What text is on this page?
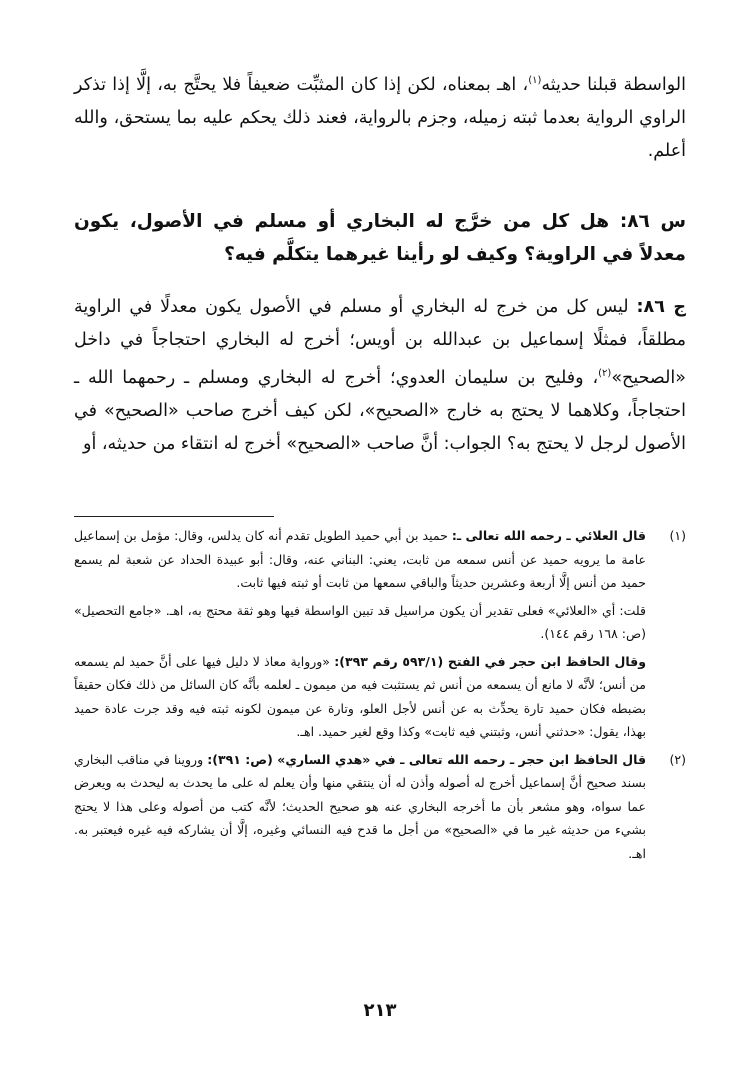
الواسطة قبلنا حديثه$^{(١)}$، اهـ بمعناه، لكن إذا كان المثبِّت ضعيفاً فلا يحتَّج به، إلَّا إذا تذكر الراوي الرواية بعدما ثبته زميله، وجزم بالرواية، فعند ذلك يحكم عليه بما يستحق، والله أعلم.

س ٨٦: هل كل من خرَّج له البخاري أو مسلم في الأصول، يكون معدلاً في الراوية؟ وكيف لو رأينا غيرهما يتكلَّم فيه؟

ج ٨٦: ليس كل من خرج له البخاري أو مسلم في الأصول يكون معدلًا في الراوية مطلقاً، فمثلًا إسماعيل بن عبدالله بن أويس؛ أخرج له البخاري احتجاجاً في داخل «الصحيح»$^{(٢)}$، وفليح بن سليمان العدوي؛ أخرج له البخاري ومسلم ـ رحمهما الله ـ احتجاجاً، وكلاهما لا يحتج به خارج «الصحيح»، لكن كيف أخرج صاحب «الصحيح» في الأصول لرجل لا يحتج به؟ الجواب: أنَّ صاحب «الصحيح» أخرج له انتقاء من حديثه، أو

(١)

قال العلائي ـ رحمه الله تعالى ـ: حميد بن أبي حميد الطويل تقدم أنه كان يدلس، وقال: مؤمل بن إسماعيل عامة ما يرويه حميد عن أنس سمعه من ثابت، يعني: البناني عنه، وقال: أبو عبيدة الحداد عن شعبة لم يسمع حميد من أنس إلَّا أربعة وعشرين حديثاً والباقي سمعها من ثابت أو ثبته فيها ثابت.

قلت: أي «العلائي» فعلى تقدير أن يكون مراسيل قد تبين الواسطة فيها وهو ثقة محتج به، اهـ. «جامع التحصيل» (ص: ١٦٨ رقم ١٤٤).

وقال الحافظ ابن حجر في الفتح (٥٩٣/١ رقم ٣٩٣): «ورواية معاذ لا دليل فيها على أنَّ حميد لم يسمعه من أنس؛ لأنَّه لا مانع أن يسمعه من أنس ثم يستثبت فيه من ميمون ـ لعلمه بأنَّه كان السائل من ذلك فكان حقيقاً بضبطه فكان حميد تارة يحدِّث به عن أنس لأجل العلو، وتارة عن ميمون لكونه ثبته فيه وقد جرت عادة حميد بهذا، يقول: «حدثني أنس، وثبتني فيه ثابت» وكذا وقع لغير حميد. اهـ.

(٢)

قال الحافظ ابن حجر ـ رحمه الله تعالى ـ في «هدي الساري» (ص: ٣٩١): وروينا في مناقب البخاري بسند صحيح أنَّ إسماعيل أخرج له أصوله وأذن له أن ينتقي منها وأن يعلم له على ما يحدث به ليحدث به ويعرض عما سواه، وهو مشعر بأن ما أخرجه البخاري عنه هو صحيح الحديث؛ لأنَّه كتب من أصوله وعلى هذا لا يحتج بشيء من حديثه غير ما في «الصحيح» من أجل ما قدح فيه النسائي وغيره، إلَّا أن يشاركه فيه غيره فيعتبر به. اهـ.

٢١٣
